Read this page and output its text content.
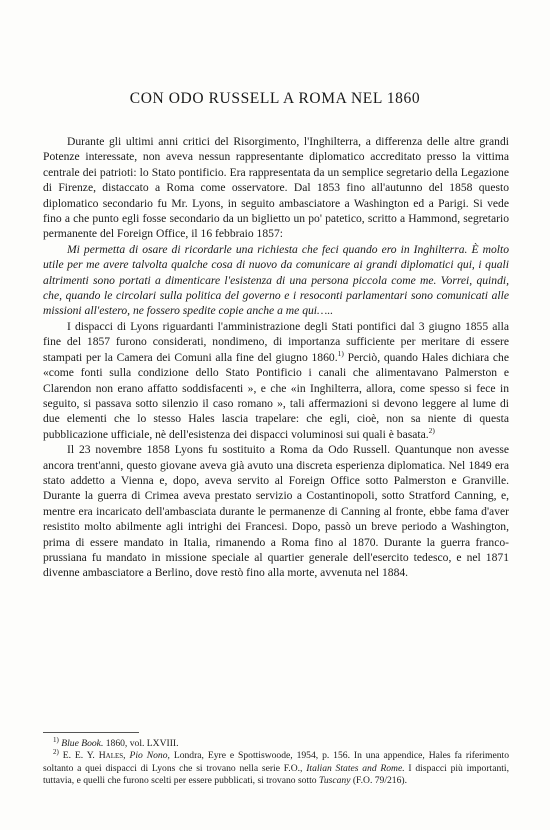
CON ODO RUSSELL A ROMA NEL 1860

Durante gli ultimi anni critici del Risorgimento, l'Inghilterra, a differenza delle altre grandi Potenze interessate, non aveva nessun rappresentante diplomatico accreditato presso la vittima centrale dei patrioti: lo Stato pontificio. Era rappresentata da un semplice segretario della Legazione di Firenze, distaccato a Roma come osservatore. Dal 1853 fino all'autunno del 1858 questo diplomatico secondario fu Mr. Lyons, in seguito ambasciatore a Washington ed a Parigi. Si vede fino a che punto egli fosse secondario da un biglietto un po' patetico, scritto a Hammond, segretario permanente del Foreign Office, il 16 febbraio 1857:

Mi permetta di osare di ricordarle una richiesta che feci quando ero in Inghilterra. È molto utile per me avere talvolta qualche cosa di nuovo da comunicare ai grandi diplomatici qui, i quali altrimenti sono portati a dimenticare l'esistenza di una persona piccola come me. Vorrei, quindi, che, quando le circolari sulla politica del governo e i resoconti parlamentari sono comunicati alle missioni all'estero, ne fossero spedite copie anche a me qui…..

I dispacci di Lyons riguardanti l'amministrazione degli Stati pontifici dal 3 giugno 1855 alla fine del 1857 furono considerati, nondimeno, di importanza sufficiente per meritare di essere stampati per la Camera dei Comuni alla fine del giugno 1860.$^{1)}$ Perciò, quando Hales dichiara che «come fonti sulla condizione dello Stato Pontificio i canali che alimentavano Palmerston e Clarendon non erano affatto soddisfacenti », e che «in Inghilterra, allora, come spesso si fece in seguito, si passava sotto silenzio il caso romano », tali affermazioni si devono leggere al lume di due elementi che lo stesso Hales lascia trapelare: che egli, cioè, non sa niente di questa pubblicazione ufficiale, nè dell'esistenza dei dispacci voluminosi sui quali è basata.$^{2)}$

Il 23 novembre 1858 Lyons fu sostituito a Roma da Odo Russell. Quantunque non avesse ancora trent'anni, questo giovane aveva già avuto una discreta esperienza diplomatica. Nel 1849 era stato addetto a Vienna e, dopo, aveva servito al Foreign Office sotto Palmerston e Granville. Durante la guerra di Crimea aveva prestato servizio a Costantinopoli, sotto Stratford Canning, e, mentre era incaricato dell'ambasciata durante le permanenze di Canning al fronte, ebbe fama d'aver resistito molto abilmente agli intrighi dei Francesi. Dopo, passò un breve periodo a Washington, prima di essere mandato in Italia, rimanendo a Roma fino al 1870. Durante la guerra franco-prussiana fu mandato in missione speciale al quartier generale dell'esercito tedesco, e nel 1871 divenne ambasciatore a Berlino, dove restò fino alla morte, avvenuta nel 1884.

$^{1)}$ Blue Book. 1860, vol. LXVIII.

$^{2)}$ E. E. Y. Hales, Pio Nono, Londra, Eyre e Spottiswoode, 1954, p. 156. In una appendice, Hales fa riferimento soltanto a quei dispacci di Lyons che si trovano nella serie F.O., Italian States and Rome. I dispacci più importanti, tuttavia, e quelli che furono scelti per essere pubblicati, si trovano sotto Tuscany (F.O. 79/216).
